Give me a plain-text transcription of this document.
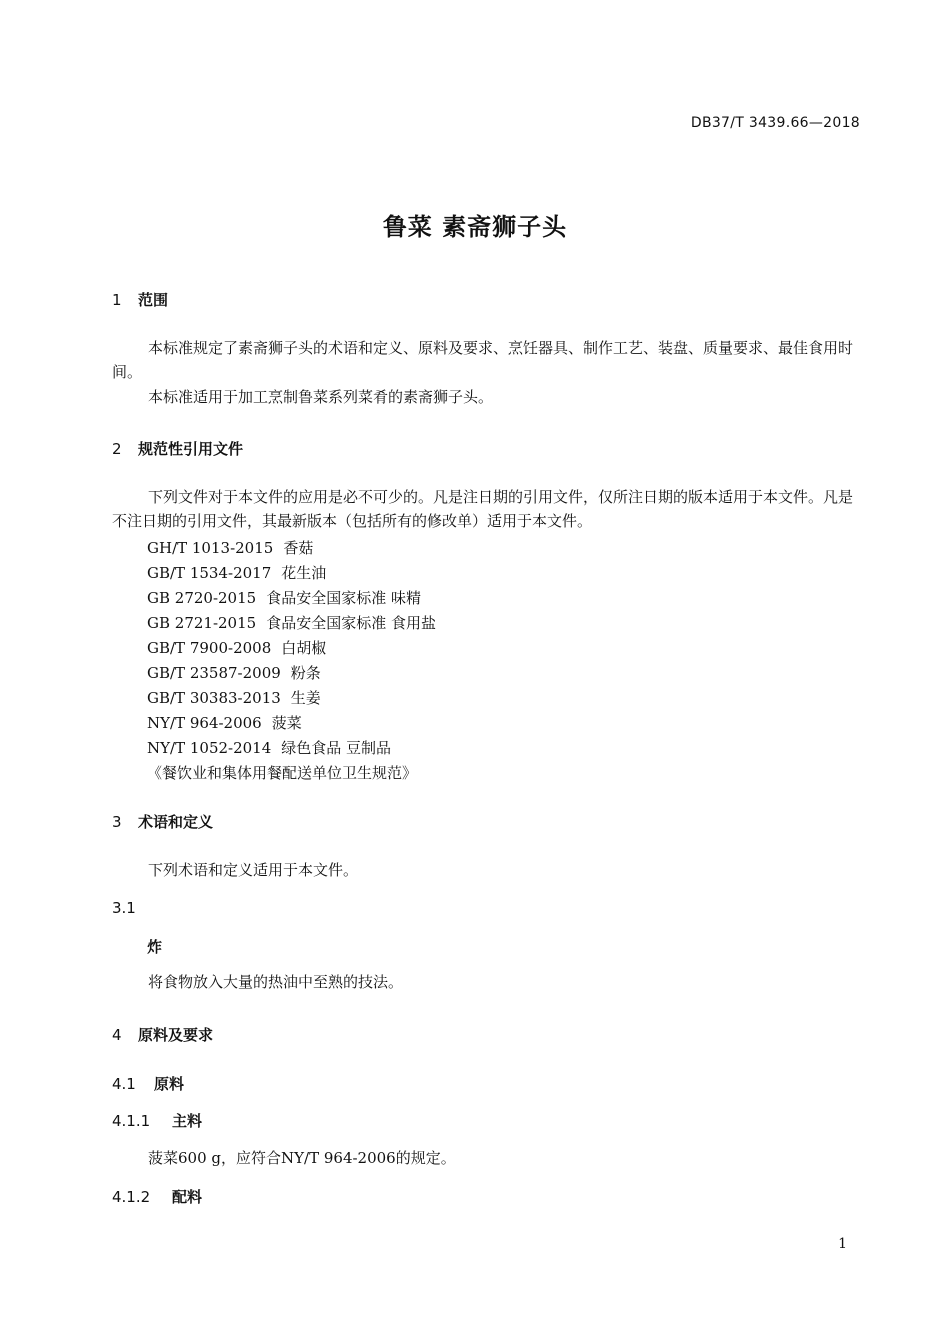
DB37/T 3439.66—2018
鲁菜 素斋狮子头
1 范围
本标准规定了素斋狮子头的术语和定义、原料及要求、烹饪器具、制作工艺、装盘、质量要求、最佳食用时间。
本标准适用于加工烹制鲁菜系列菜肴的素斋狮子头。
2 规范性引用文件
下列文件对于本文件的应用是必不可少的。凡是注日期的引用文件，仅所注日期的版本适用于本文件。凡是不注日期的引用文件，其最新版本（包括所有的修改单）适用于本文件。
GH/T 1013-2015 香菇
GB/T 1534-2017 花生油
GB 2720-2015 食品安全国家标准 味精
GB 2721-2015 食品安全国家标准 食用盐
GB/T 7900-2008 白胡椒
GB/T 23587-2009 粉条
GB/T 30383-2013 生姜
NY/T 964-2006 菠菜
NY/T 1052-2014 绿色食品 豆制品
《餐饮业和集体用餐配送单位卫生规范》
3 术语和定义
下列术语和定义适用于本文件。
3.1
炸
将食物放入大量的热油中至熟的技法。
4 原料及要求
4.1 原料
4.1.1 主料
菠菜600 g，应符合NY/T 964-2006的规定。
4.1.2 配料
1
